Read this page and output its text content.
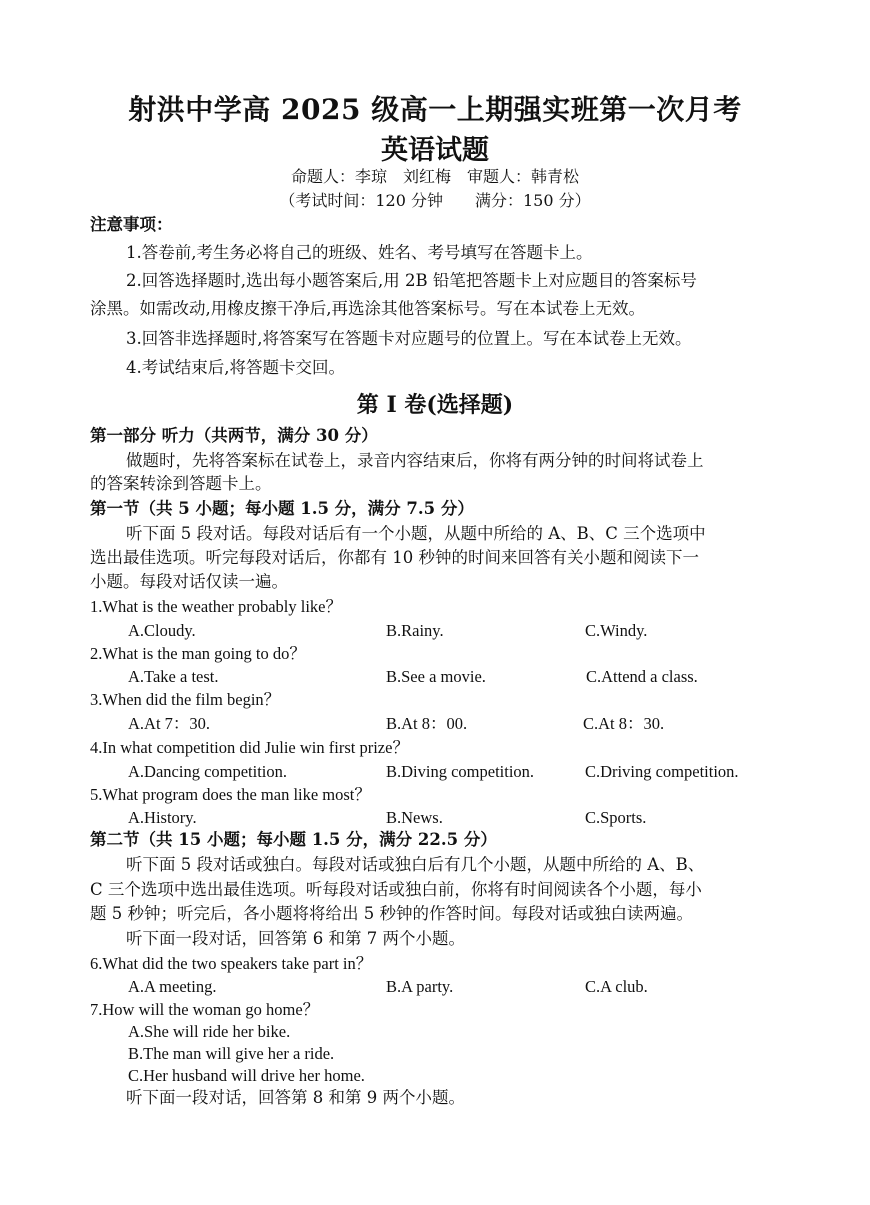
射洪中学高 2025 级高一上期强实班第一次月考
英语试题
命题人：李琼　刘红梅　审题人：韩青松
（考试时间：120 分钟　　满分：150 分）
注意事项：
1.答卷前,考生务必将自己的班级、姓名、考号填写在答题卡上。
2.回答选择题时,选出每小题答案后,用 2B 铅笔把答题卡上对应题目的答案标号
涂黑。如需改动,用橡皮擦干净后,再选涂其他答案标号。写在本试卷上无效。
3.回答非选择题时,将答案写在答题卡对应题号的位置上。写在本试卷上无效。
4.考试结束后,将答题卡交回。
第 I 卷(选择题)
第一部分 听力（共两节，满分 30 分）
做题时，先将答案标在试卷上，录音内容结束后，你将有两分钟的时间将试卷上
的答案转涂到答题卡上。
第一节（共 5 小题；每小题 1.5 分，满分 7.5 分）
听下面 5 段对话。每段对话后有一个小题，从题中所给的 A、B、C 三个选项中
选出最佳选项。听完每段对话后，你都有 10 秒钟的时间来回答有关小题和阅读下一
小题。每段对话仅读一遍。
1.What is the weather probably like？
A.Cloudy.	B.Rainy.	C.Windy.
2.What is the man going to do？
A.Take a test.	B.See a movie.	C.Attend a class.
3.When did the film begin？
A.At 7：30.	B.At 8：00.	C.At 8：30.
4.In what competition did Julie win first prize？
A.Dancing competition.	B.Diving competition.	C.Driving competition.
5.What program does the man like most？
A.History.	B.News.	C.Sports.
第二节（共 15 小题；每小题 1.5 分，满分 22.5 分）
听下面 5 段对话或独白。每段对话或独白后有几个小题，从题中所给的 A、B、
C 三个选项中选出最佳选项。听每段对话或独白前，你将有时间阅读各个小题，每小
题 5 秒钟；听完后，各小题将将给出 5 秒钟的作答时间。每段对话或独白读两遍。
听下面一段对话，回答第 6 和第 7 两个小题。
6.What did the two speakers take part in？
A.A meeting.	B.A party.	C.A club.
7.How will the woman go home？
A.She will ride her bike.
B.The man will give her a ride.
C.Her husband will drive her home.
听下面一段对话，回答第 8 和第 9 两个小题。
